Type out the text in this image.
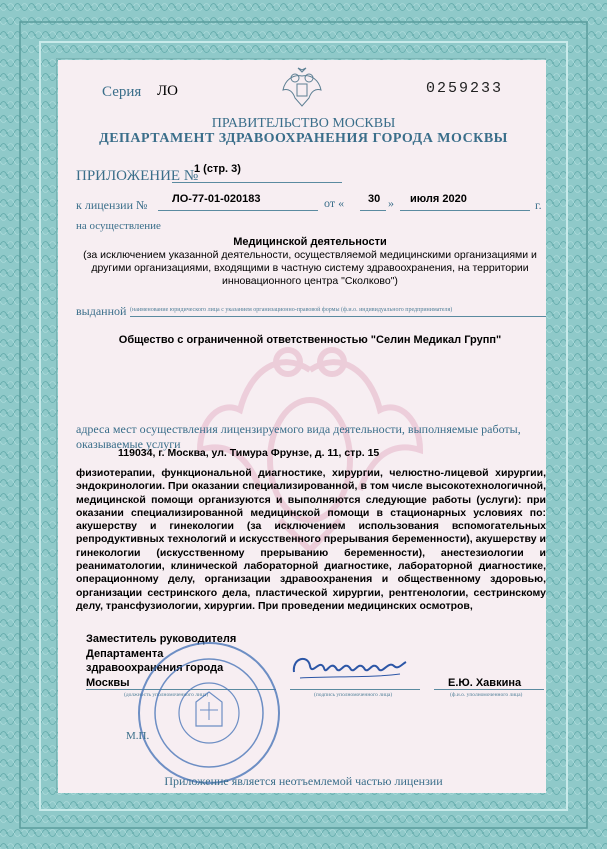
Серия ЛО	0259233
ПРАВИТЕЛЬСТВО МОСКВЫ
ДЕПАРТАМЕНТ ЗДРАВООХРАНЕНИЯ ГОРОДА МОСКВЫ
ПРИЛОЖЕНИЕ №
1 (стр. 3)
к лицензии № ЛО-77-01-020183	от « 30 » июля 2020	г.
на осуществление
Медицинской деятельности
(за исключением указанной деятельности, осуществляемой медицинскими организациями и другими организациями, входящими в частную систему здравоохранения, на территории инновационного центра "Сколково")
выданной (наименование юридического лица с указанием организационно-правовой формы (ф.и.о. индивидуального предпринимателя)
Общество с ограниченной ответственностью "Селин Медикал Групп"
адреса мест осуществления лицензируемого вида деятельности, выполняемые работы, оказываемые услуги
119034, г. Москва, ул. Тимура Фрунзе, д. 11, стр. 15
физиотерапии, функциональной диагностике, хирургии, челюстно-лицевой хирургии, эндокринологии. При оказании специализированной, в том числе высокотехнологичной, медицинской помощи организуются и выполняются следующие работы (услуги): при оказании специализированной медицинской помощи в стационарных условиях по: акушерству и гинекологии (за исключением использования вспомогательных репродуктивных технологий и искусственного прерывания беременности), акушерству и гинекологии (искусственному прерыванию беременности), анестезиологии и реаниматологии, клинической лабораторной диагностике, лабораторной диагностике, операционному делу, организации здравоохранения и общественному здоровью, организации сестринского дела, пластической хирургии, рентгенологии, сестринскому делу, трансфузиологии, хирургии. При проведении медицинских осмотров,
Заместитель руководителя
Департамента
здравоохранения города
Москвы
(должность уполномоченного лица)	(подпись уполномоченного лица)	(ф.и.о. уполномоченного лица)
Е.Ю. Хавкина
М.П.
Приложение является неотъемлемой частью лицензии
